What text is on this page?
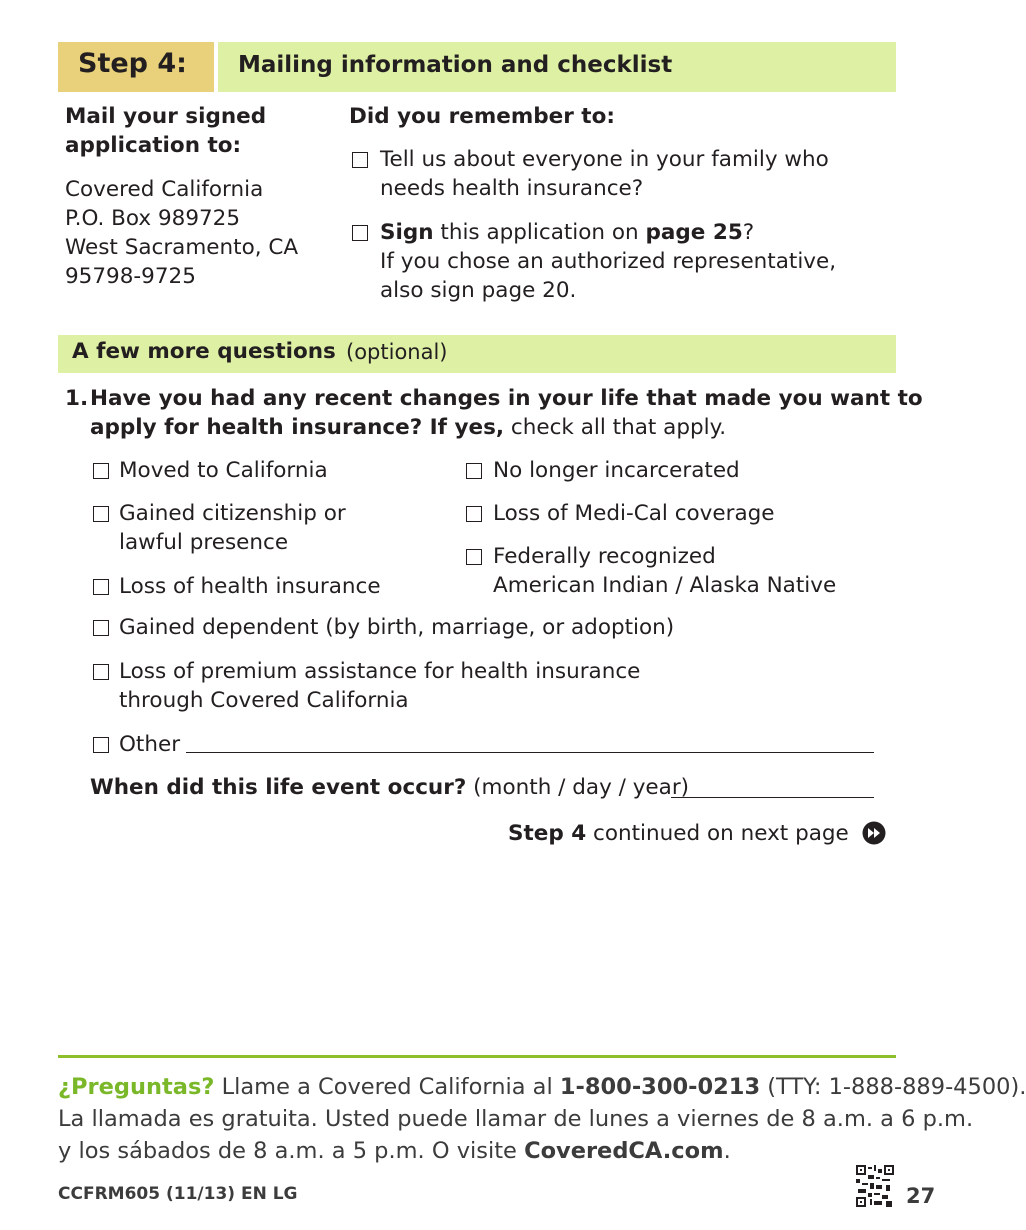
Step 4: Mailing information and checklist
Mail your signed
application to:
Covered California
P.O. Box 989725
West Sacramento, CA
95798-9725
Did you remember to:
Tell us about everyone in your family who
needs health insurance?
Sign this application on page 25?
If you chose an authorized representative,
also sign page 20.
A few more questions (optional)
1. Have you had any recent changes in your life that made you want to
apply for health insurance? If yes, check all that apply.
Moved to California
Gained citizenship or
lawful presence
Loss of health insurance
No longer incarcerated
Loss of Medi-Cal coverage
Federally recognized
American Indian / Alaska Native
Gained dependent (by birth, marriage, or adoption)
Loss of premium assistance for health insurance
through Covered California
Other
When did this life event occur? (month / day / year)
Step 4 continued on next page
¿Preguntas? Llame a Covered California al 1-800-300-0213 (TTY: 1-888-889-4500).
La llamada es gratuita. Usted puede llamar de lunes a viernes de 8 a.m. a 6 p.m.
y los sábados de 8 a.m. a 5 p.m. O visite CoveredCA.com.
CCFRM605 (11/13) EN LG	27
